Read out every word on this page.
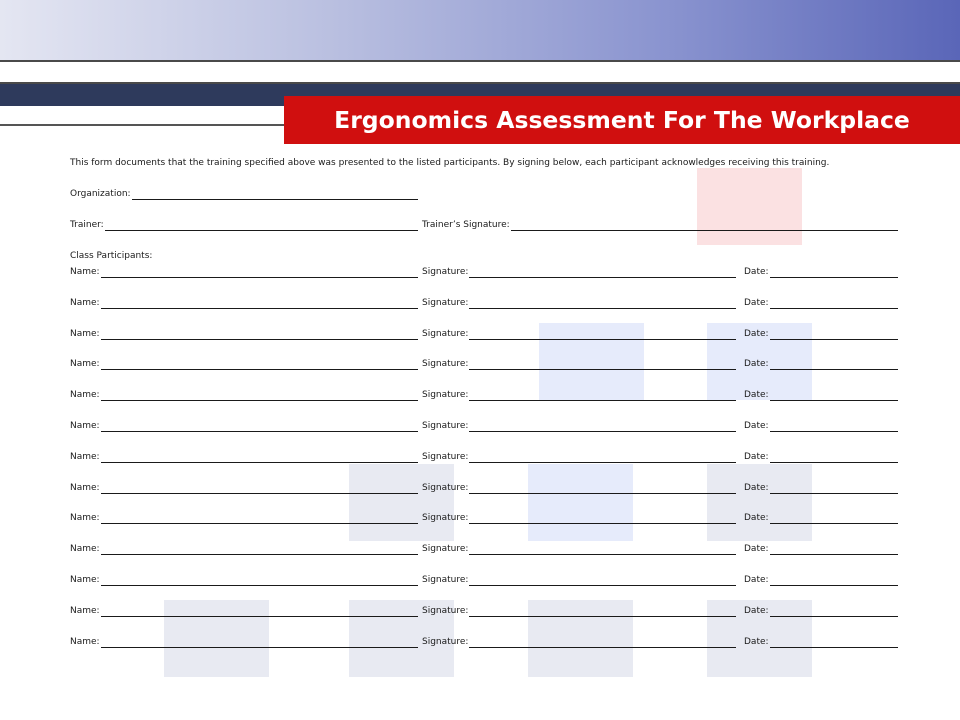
Ergonomics Assessment For The Workplace
This form documents that the training specified above was presented to the listed participants. By signing below, each participant acknowledges receiving this training.
Organization:
Trainer:	Trainer’s Signature:
Class Participants:
Name:	Signature:	Date:
Name:	Signature:	Date:
Name:	Signature:	Date:
Name:	Signature:	Date:
Name:	Signature:	Date:
Name:	Signature:	Date:
Name:	Signature:	Date:
Name:	Signature:	Date:
Name:	Signature:	Date:
Name:	Signature:	Date:
Name:	Signature:	Date:
Name:	Signature:	Date:
Name:	Signature:	Date:
